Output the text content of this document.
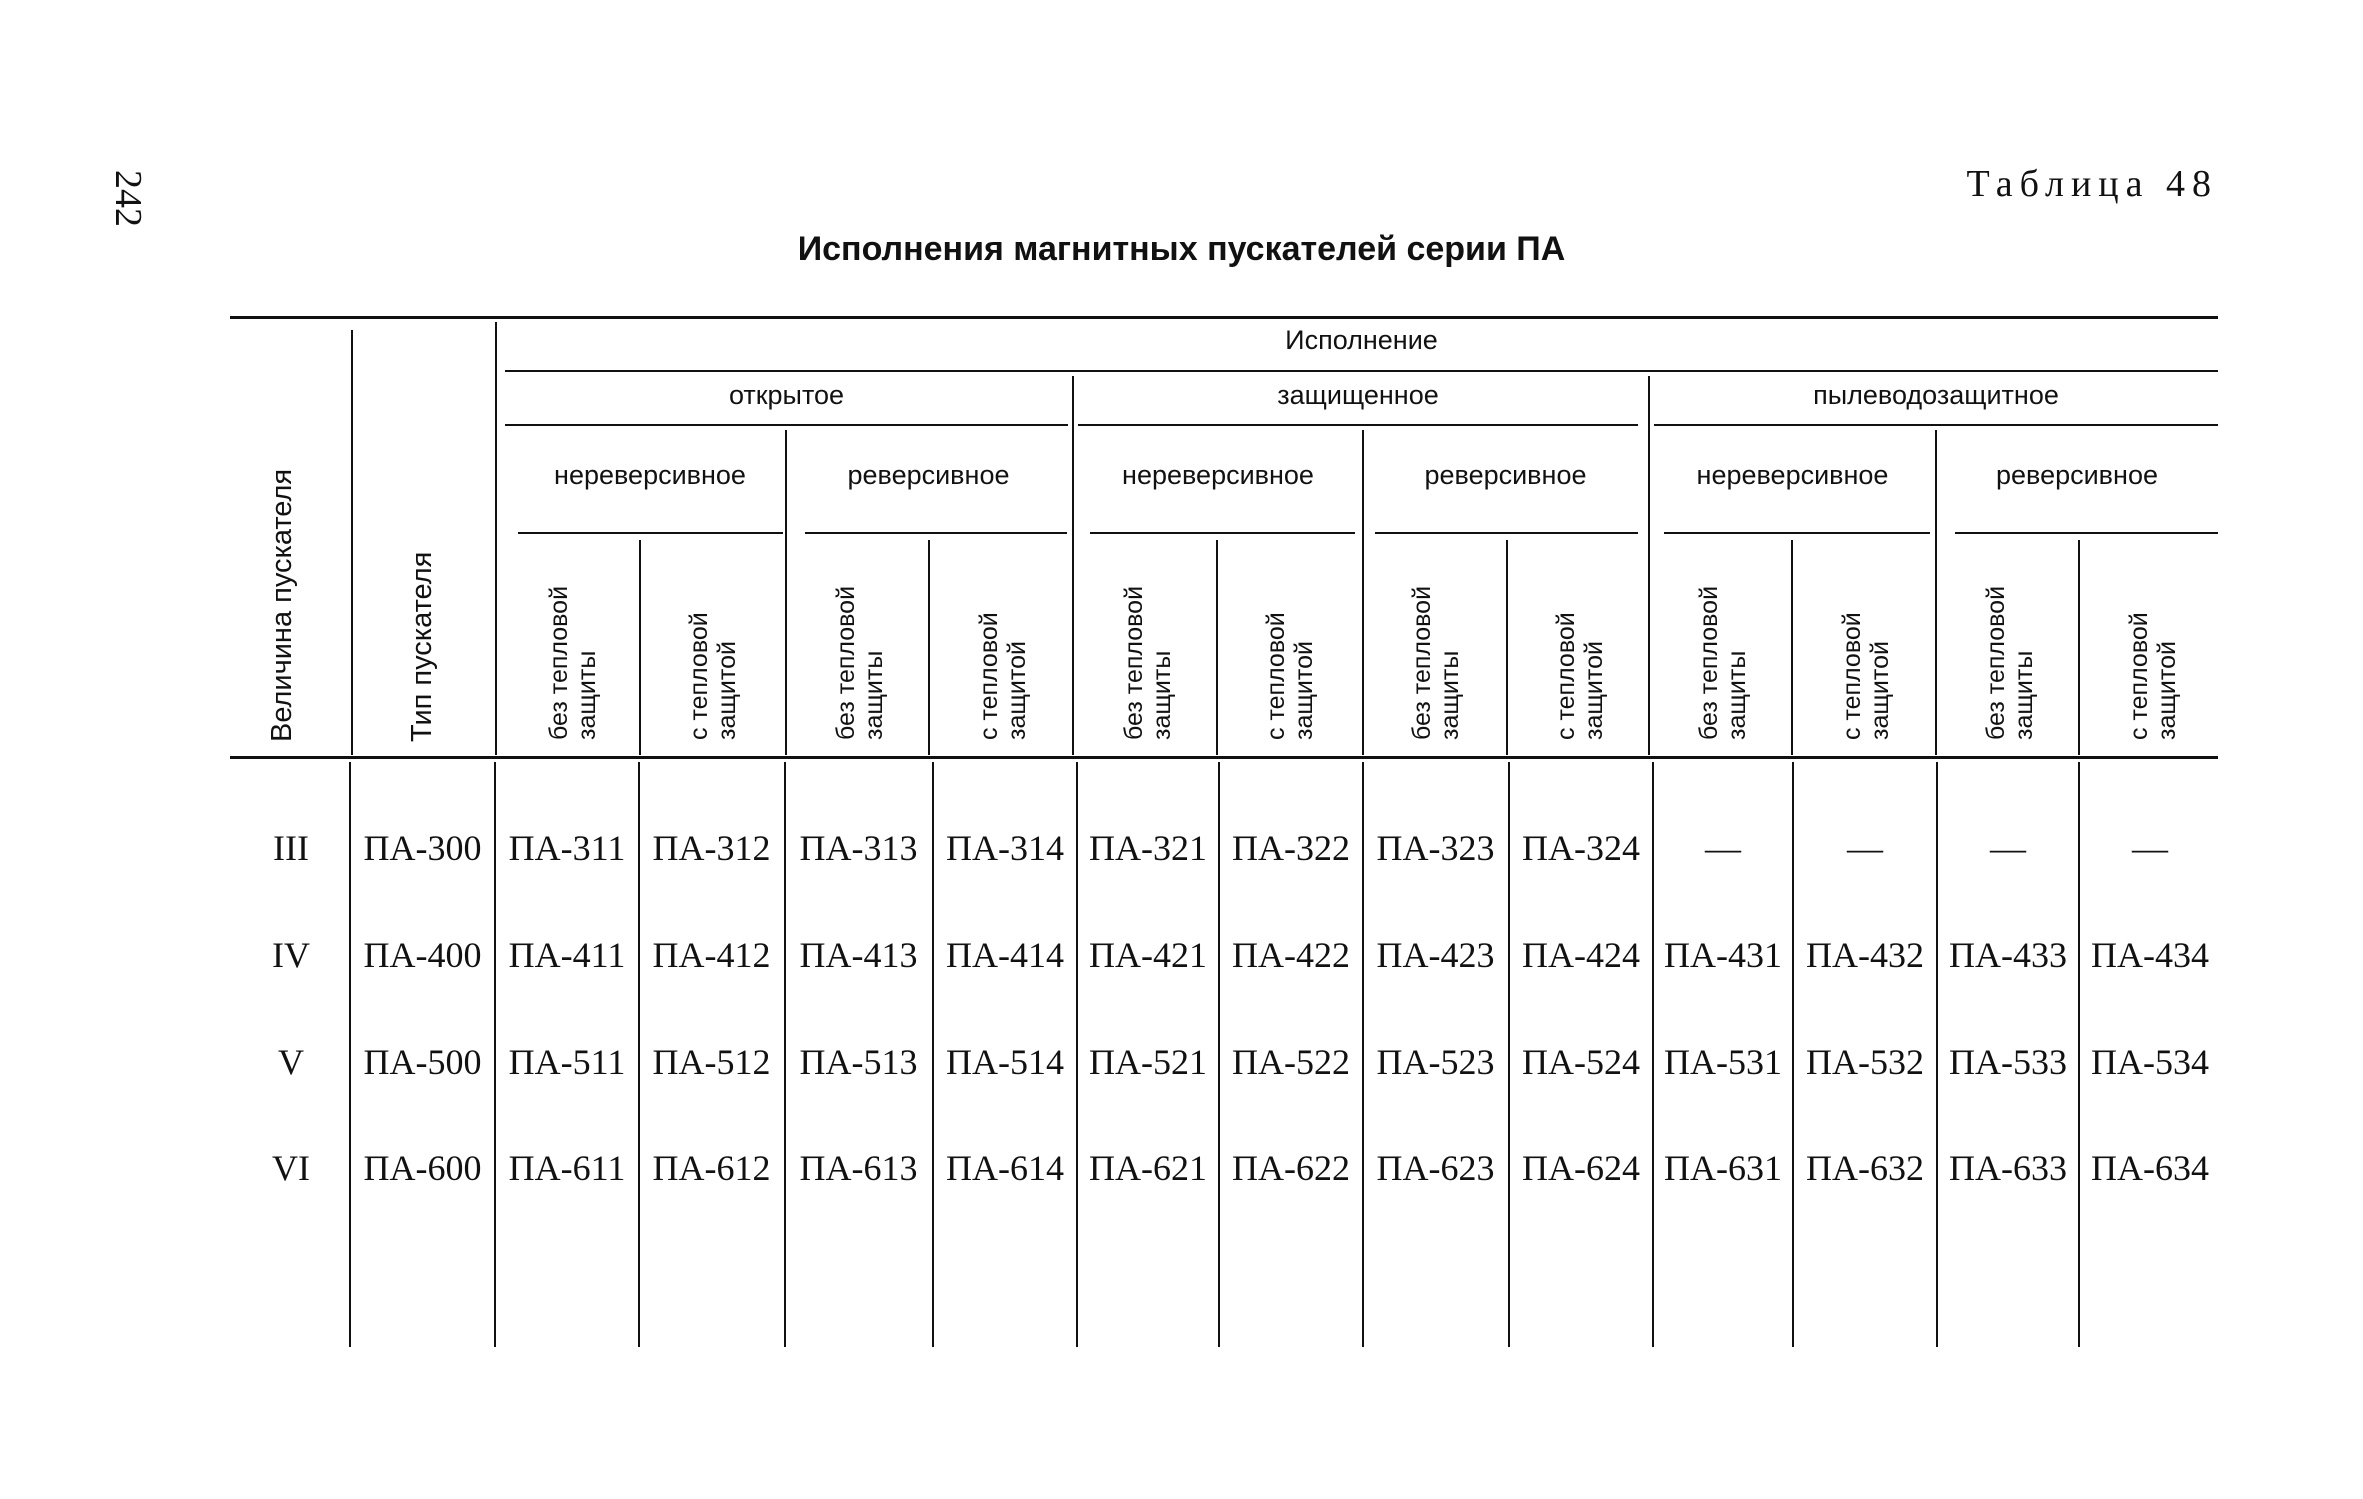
242	Таблица 48
Исполнения магнитных пускателей серии ПА
Величина пускателя	Тип пускателя
Исполнение
открытое	защищенное	пылеводозащитное
нереверсивное	реверсивное	нереверсивное	реверсивное	нереверсивное	реверсивное
без тепловой защиты	с тепловой защитой	без тепловой защиты	с тепловой защитой	без тепловой защиты	с тепловой защитой	без тепловой защиты	с тепловой защитой	без тепловой защиты	с тепловой защитой	без тепловой защиты	с тепловой защитой
III	ПА-300 ПА-311 ПА-312 ПА-313 ПА-314 ПА-321 ПА-322 ПА-323 ПА-324	—	—	—	—
IV	ПА-400 ПА-411 ПА-412 ПА-413 ПА-414 ПА-421 ПА-422 ПА-423 ПА-424 ПА-431 ПА-432 ПА-433 ПА-434
V	ПА-500 ПА-511 ПА-512 ПА-513 ПА-514 ПА-521 ПА-522 ПА-523 ПА-524 ПА-531 ПА-532 ПА-533 ПА-534
VI	ПА-600 ПА-611 ПА-612 ПА-613 ПА-614 ПА-621 ПА-622 ПА-623 ПА-624 ПА-631 ПА-632 ПА-633 ПА-634
